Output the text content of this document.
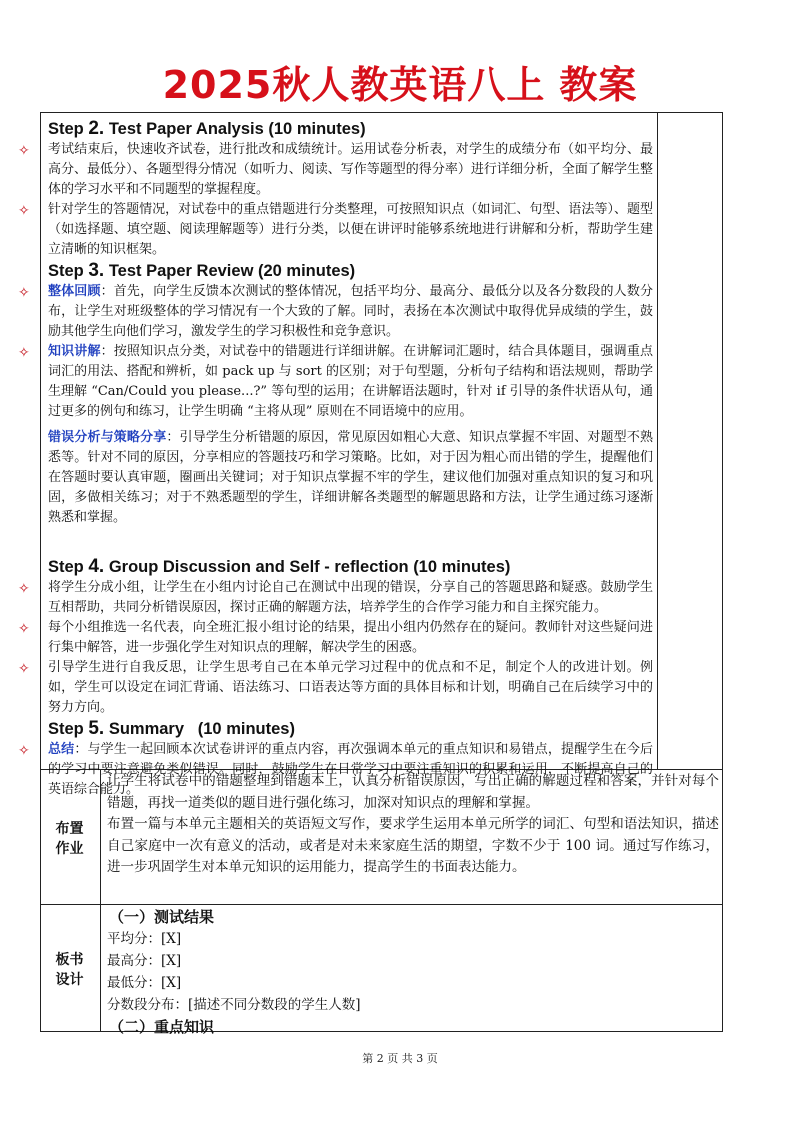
2025秋人教英语八上 教案

Step 2. Test Paper Analysis (10 minutes)

✧ 考试结束后，快速收齐试卷，进行批改和成绩统计。运用试卷分析表，对学生的成绩分布（如平均分、最高分、最低分）、各题型得分情况（如听力、阅读、写作等题型的得分率）进行详细分析，全面了解学生整体的学习水平和不同题型的掌握程度。

✧ 针对学生的答题情况，对试卷中的重点错题进行分类整理，可按照知识点（如词汇、句型、语法等）、题型（如选择题、填空题、阅读理解题等）进行分类，以便在讲评时能够系统地进行讲解和分析，帮助学生建立清晰的知识框架。

Step 3. Test Paper Review (20 minutes)

✧ 整体回顾：首先，向学生反馈本次测试的整体情况，包括平均分、最高分、最低分以及各分数段的人数分布，让学生对班级整体的学习情况有一个大致的了解。同时，表扬在本次测试中取得优异成绩的学生，鼓励其他学生向他们学习，激发学生的学习积极性和竞争意识。

✧ 知识讲解：按照知识点分类，对试卷中的错题进行详细讲解。在讲解词汇题时，结合具体题目，强调重点词汇的用法、搭配和辨析，如 pack up 与 sort 的区别；对于句型题，分析句子结构和语法规则，帮助学生理解 “Can/Could you please...?” 等句型的运用；在讲解语法题时，针对 if 引导的条件状语从句，通过更多的例句和练习，让学生明确 “主将从现” 原则在不同语境中的应用。

错误分析与策略分享：引导学生分析错题的原因，常见原因如粗心大意、知识点掌握不牢固、对题型不熟悉等。针对不同的原因，分享相应的答题技巧和学习策略。比如，对于因为粗心而出错的学生，提醒他们在答题时要认真审题，圈画出关键词；对于知识点掌握不牢的学生，建议他们加强对重点知识的复习和巩固，多做相关练习；对于不熟悉题型的学生，详细讲解各类题型的解题思路和方法，让学生通过练习逐渐熟悉和掌握。

Step 4. Group Discussion and Self - reflection (10 minutes)

✧ 将学生分成小组，让学生在小组内讨论自己在测试中出现的错误，分享自己的答题思路和疑惑。鼓励学生互相帮助，共同分析错误原因，探讨正确的解题方法，培养学生的合作学习能力和自主探究能力。

✧ 每个小组推选一名代表，向全班汇报小组讨论的结果，提出小组内仍然存在的疑问。教师针对这些疑问进行集中解答，进一步强化学生对知识点的理解，解决学生的困惑。

✧ 引导学生进行自我反思，让学生思考自己在本单元学习过程中的优点和不足，制定个人的改进计划。例如，学生可以设定在词汇背诵、语法练习、口语表达等方面的具体目标和计划，明确自己在后续学习中的努力方向。

Step 5. Summary   (10 minutes)

✧ 总结：与学生一起回顾本次试卷讲评的重点内容，再次强调本单元的重点知识和易错点，提醒学生在今后的学习中要注意避免类似错误。同时，鼓励学生在日常学习中要注重知识的积累和运用，不断提高自己的英语综合能力。

布置
作业

让学生将试卷中的错题整理到错题本上，认真分析错误原因，写出正确的解题过程和答案，并针对每个错题，再找一道类似的题目进行强化练习，加深对知识点的理解和掌握。

布置一篇与本单元主题相关的英语短文写作，要求学生运用本单元所学的词汇、句型和语法知识，描述自己家庭中一次有意义的活动，或者是对未来家庭生活的期望，字数不少于 100 词。通过写作练习，进一步巩固学生对本单元知识的运用能力，提高学生的书面表达能力。

板书
设计

（一）测试结果

平均分：[X]

最高分：[X]

最低分：[X]

分数段分布：[描述不同分数段的学生人数]

（二）重点知识

第 2 页 共 3 页
